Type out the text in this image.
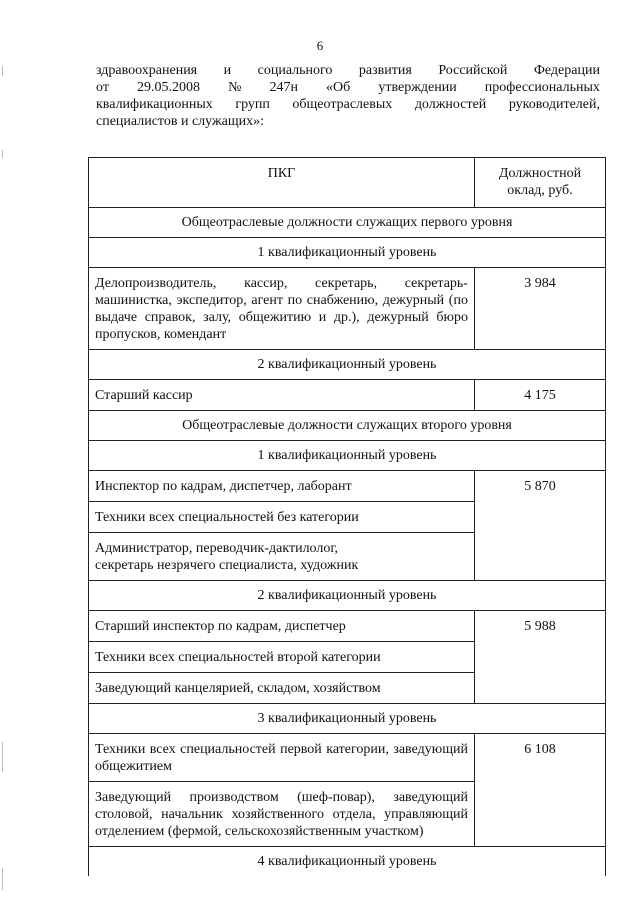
6
здравоохранения и социального развития Российской Федерации
от 29.05.2008 № 247н «Об утверждении профессиональных
квалификационных групп общеотраслевых должностей руководителей,
специалистов и служащих»:
ПКГ	Должностной оклад, руб.
Общеотраслевые должности служащих первого уровня	
1 квалификационный уровень	
Делопроизводитель, кассир, секретарь, секретарь-машинистка, экспедитор, агент по снабжению, дежурный (по выдаче справок, залу, общежитию и др.), дежурный бюро пропусков, комендант	3 984
2 квалификационный уровень	
Старший кассир	4 175
Общеотраслевые должности служащих второго уровня	
1 квалификационный уровень	
Инспектор по кадрам, диспетчер, лаборант	5 870
Техники всех специальностей без категории	

Администратор, переводчик-дактилолог,
секретарь незрячего специалиста, художник	

2 квалификационный уровень	
Старший инспектор по кадрам, диспетчер	5 988
Техники всех специальностей второй категории	
Заведующий канцелярией, складом, хозяйством	
3 квалификационный уровень	
Техники всех специальностей первой категории, заведующий общежитием	6 108
Заведующий производством (шеф-повар), заведующий столовой, начальник хозяйственного отдела, управляющий отделением (фермой, сельскохозяйственным участком)	
4 квалификационный уровень	
